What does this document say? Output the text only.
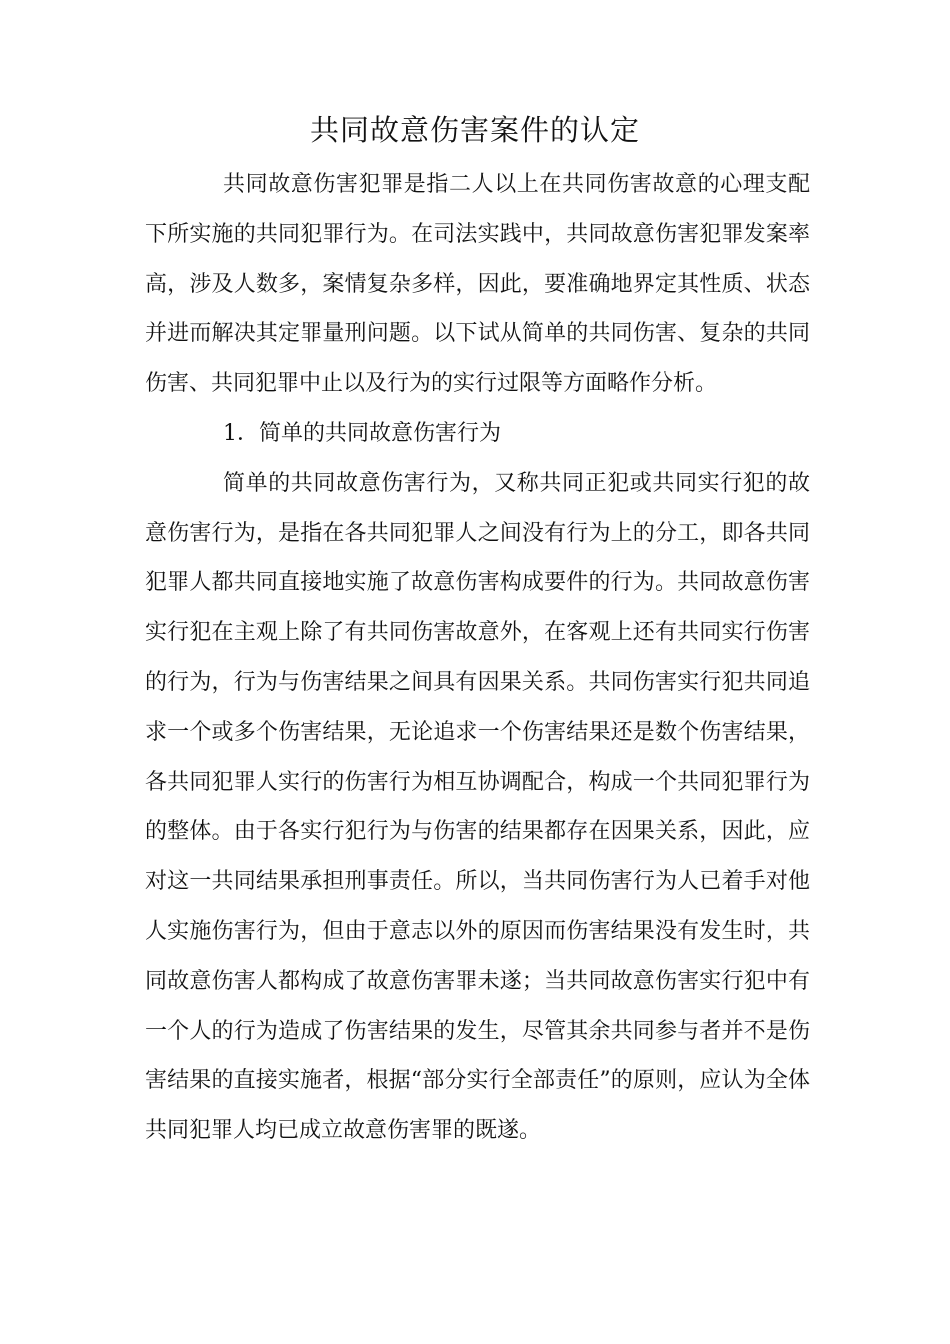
共同故意伤害案件的认定

共同故意伤害犯罪是指二人以上在共同伤害故意的心理支配下所实施的共同犯罪行为。在司法实践中，共同故意伤害犯罪发案率高，涉及人数多，案情复杂多样，因此，要准确地界定其性质、状态并进而解决其定罪量刑问题。以下试从简单的共同伤害、复杂的共同伤害、共同犯罪中止以及行为的实行过限等方面略作分析。

1．简单的共同故意伤害行为

简单的共同故意伤害行为，又称共同正犯或共同实行犯的故意伤害行为，是指在各共同犯罪人之间没有行为上的分工，即各共同犯罪人都共同直接地实施了故意伤害构成要件的行为。共同故意伤害实行犯在主观上除了有共同伤害故意外，在客观上还有共同实行伤害的行为，行为与伤害结果之间具有因果关系。共同伤害实行犯共同追求一个或多个伤害结果，无论追求一个伤害结果还是数个伤害结果，各共同犯罪人实行的伤害行为相互协调配合，构成一个共同犯罪行为的整体。由于各实行犯行为与伤害的结果都存在因果关系，因此，应对这一共同结果承担刑事责任。所以，当共同伤害行为人已着手对他人实施伤害行为，但由于意志以外的原因而伤害结果没有发生时，共同故意伤害人都构成了故意伤害罪未遂；当共同故意伤害实行犯中有一个人的行为造成了伤害结果的发生，尽管其余共同参与者并不是伤害结果的直接实施者，根据“部分实行全部责任”的原则，应认为全体共同犯罪人均已成立故意伤害罪的既遂。
